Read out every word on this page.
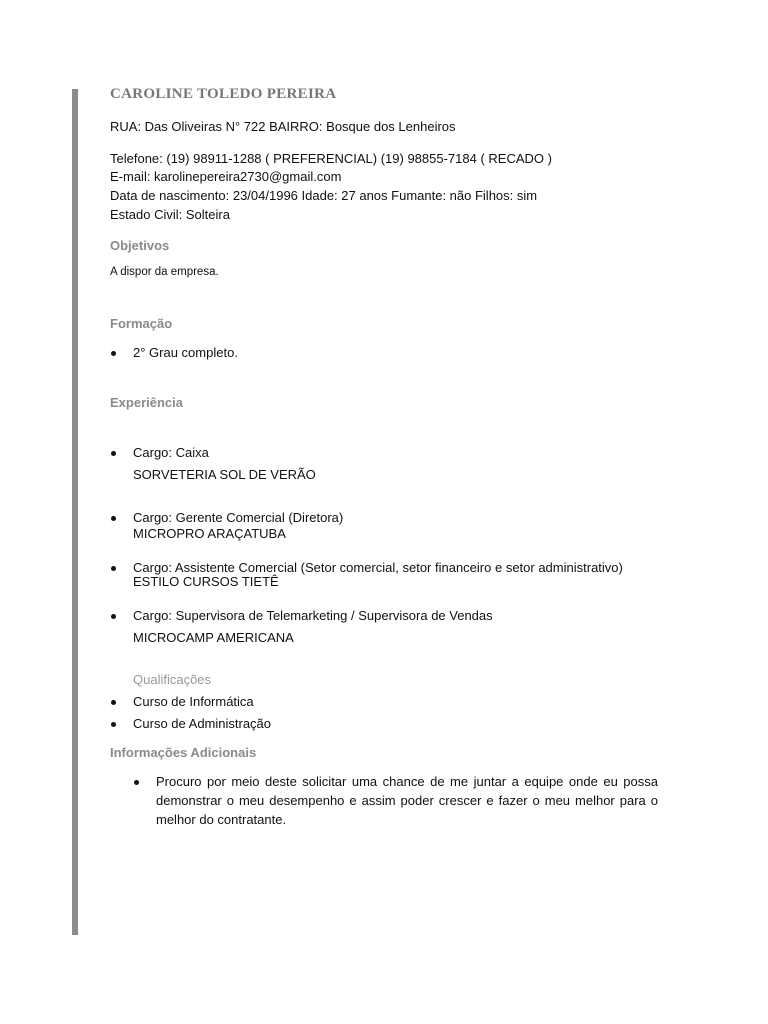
CAROLINE TOLEDO PEREIRA
RUA: Das Oliveiras N° 722 BAIRRO: Bosque dos Lenheiros
Telefone: (19) 98911-1288 ( PREFERENCIAL) (19) 98855-7184 ( RECADO )
E-mail: karolinepereira2730@gmail.com
Data de nascimento: 23/04/1996 Idade: 27 anos Fumante: não Filhos: sim
Estado Civil: Solteira
Objetivos
A dispor da empresa.
Formação
2° Grau completo.
Experiência
Cargo: Caixa
SORVETERIA SOL DE VERÃO
Cargo: Gerente Comercial (Diretora)
MICROPRO ARAÇATUBA
Cargo: Assistente Comercial (Setor comercial, setor financeiro e setor administrativo)
ESTILO CURSOS TIETÊ
Cargo: Supervisora de Telemarketing / Supervisora de Vendas
MICROCAMP AMERICANA
Qualificações
Curso de Informática
Curso de Administração
Informações Adicionais
Procuro por meio deste solicitar uma chance de me juntar a equipe onde eu possa demonstrar o meu desempenho e assim poder crescer e fazer o meu melhor para o melhor do contratante.
